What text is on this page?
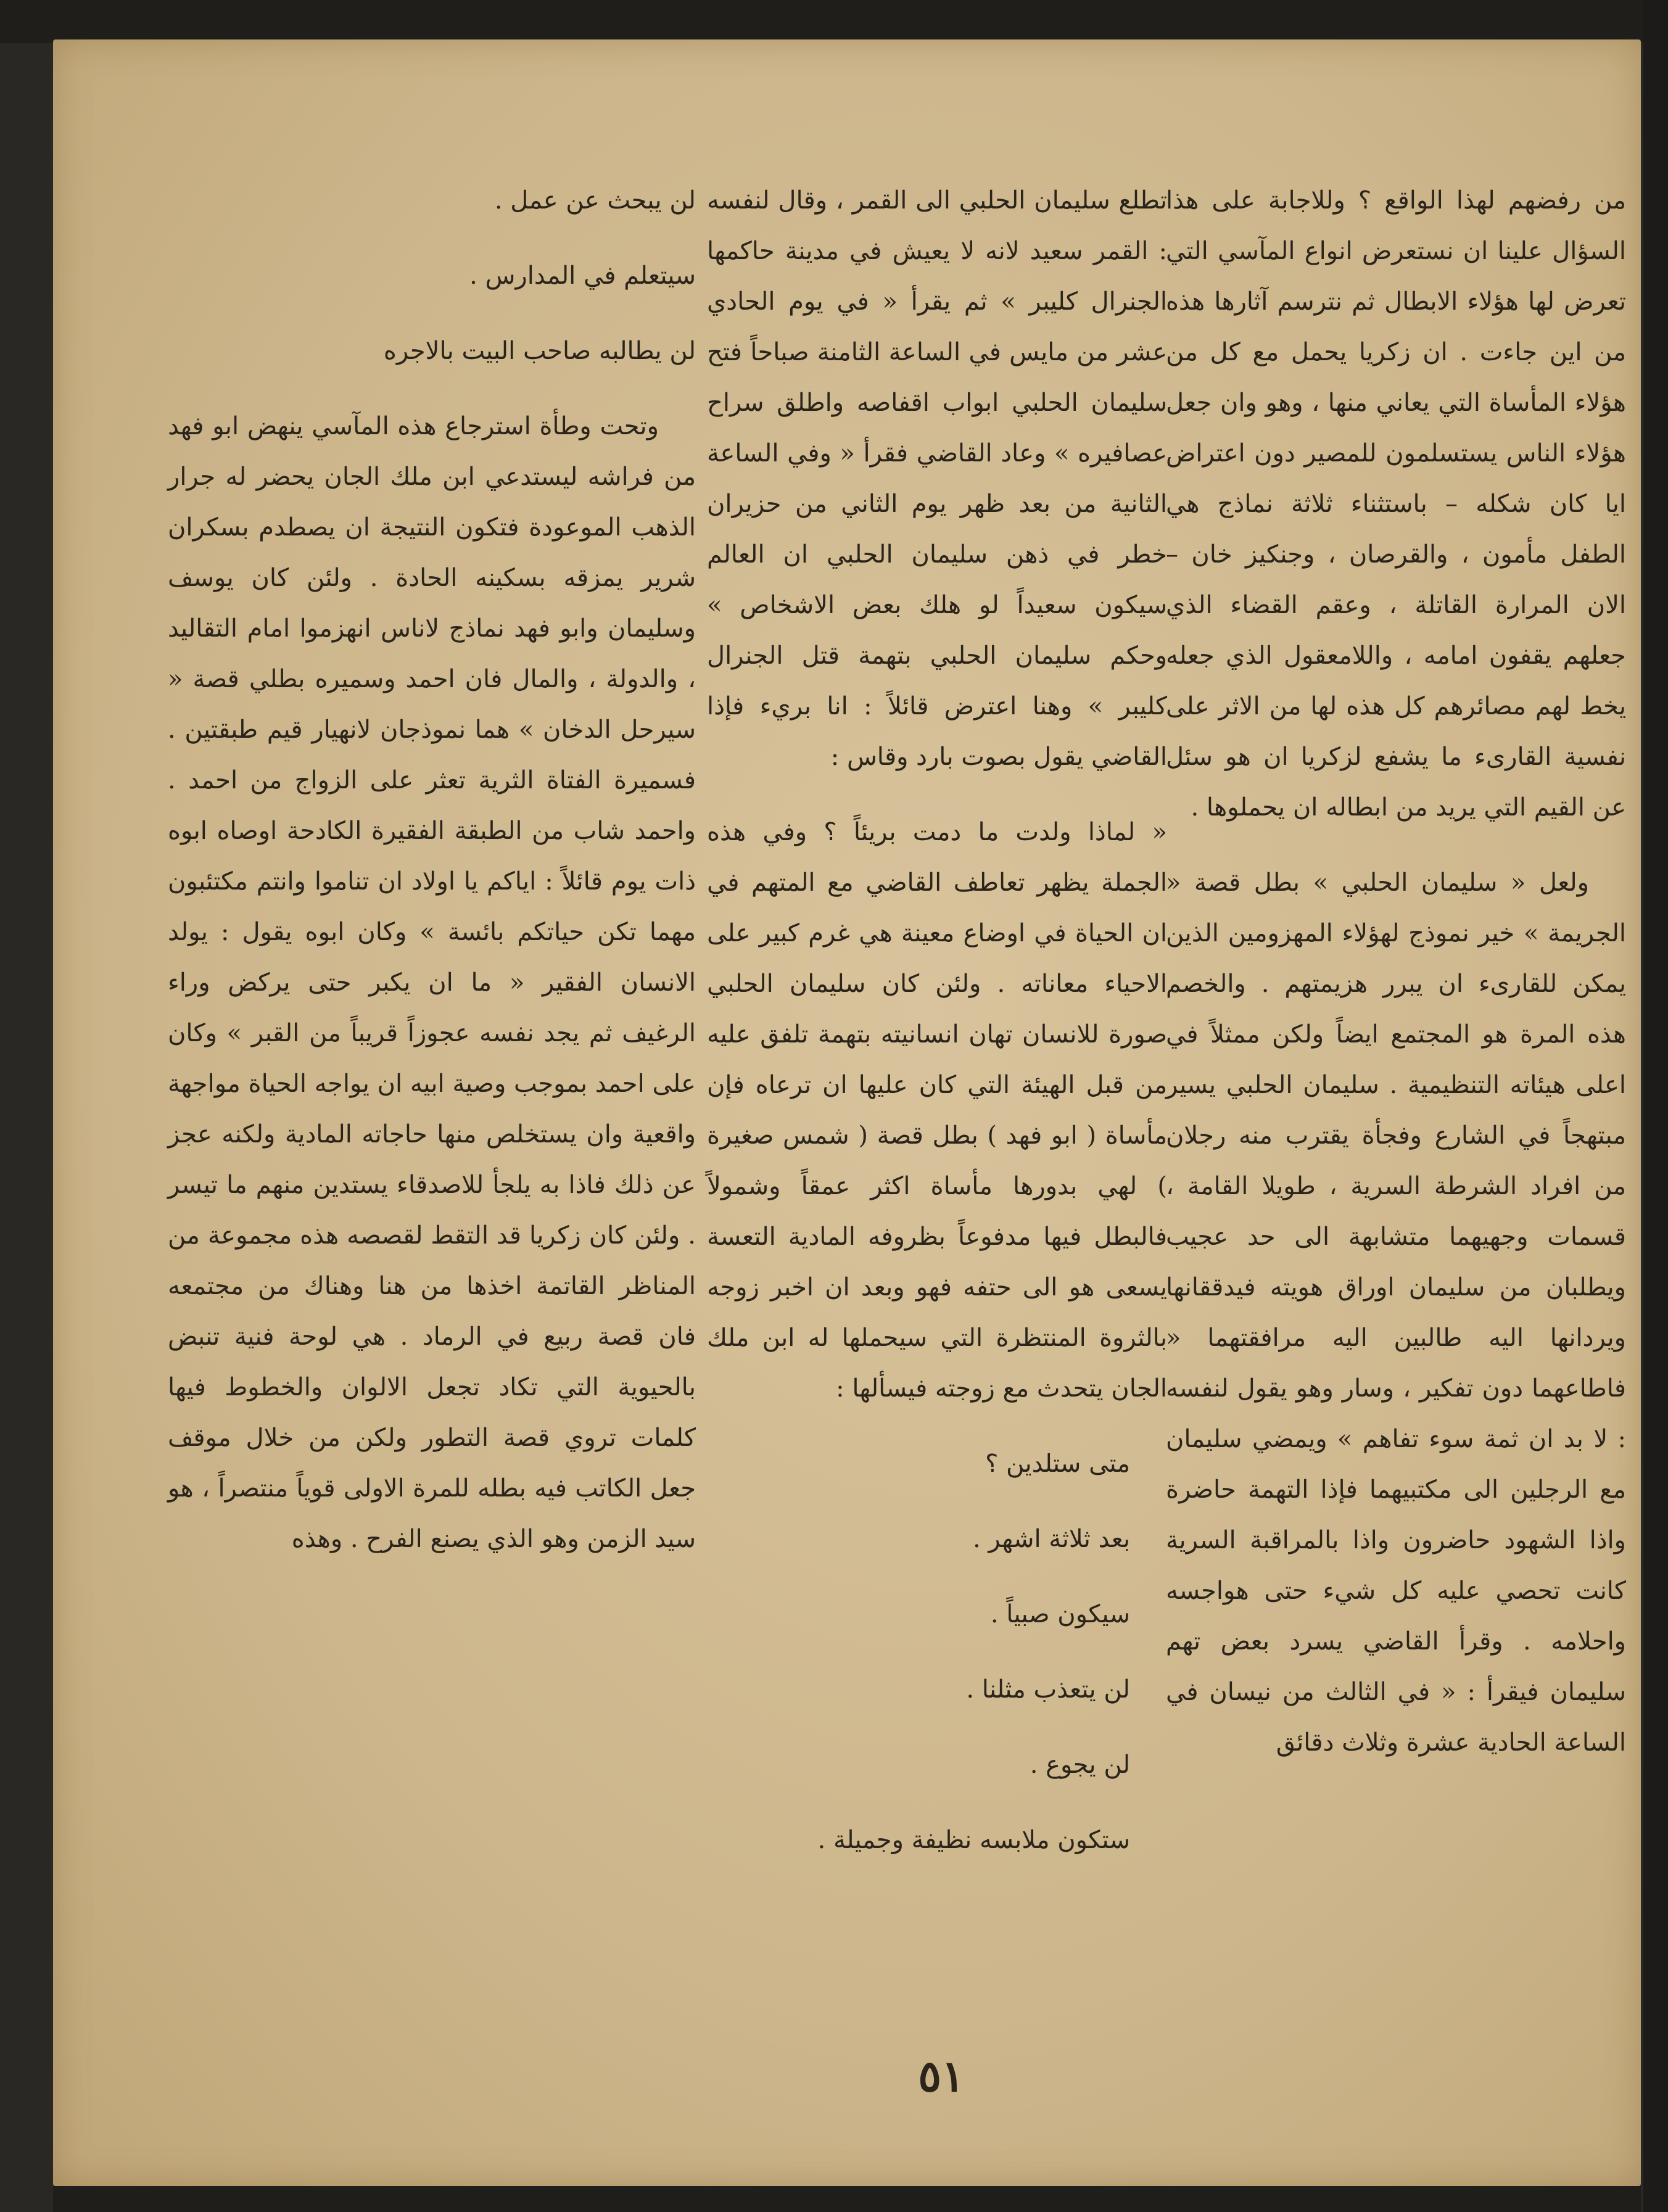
من رفضهم لهذا الواقع ؟ وللاجابة على هذا السؤال علينا ان نستعرض انواع المآسي التي تعرض لها هؤلاء الابطال ثم نترسم آثارها هذه من اين جاءت . ان زكريا يحمل مع كل من هؤلاء المأساة التي يعاني منها ، وهو وان جعل هؤلاء الناس يستسلمون للمصير دون اعتراض ايا كان شكله – باستثناء ثلاثة نماذج هي الطفل مأمون ، والقرصان ، وجنكيز خان – الان المرارة القاتلة ، وعقم القضاء الذي جعلهم يقفون امامه ، واللامعقول الذي جعله يخط لهم مصائرهم كل هذه لها من الاثر على نفسية القارىء ما يشفع لزكريا ان هو سئل عن القيم التي يريد من ابطاله ان يحملوها .

ولعل « سليمان الحلبي » بطل قصة « الجريمة » خير نموذج لهؤلاء المهزومين الذين يمكن للقارىء ان يبرر هزيمتهم . والخصم هذه المرة هو المجتمع ايضاً ولكن ممثلاً في اعلى هيئاته التنظيمية . سليمان الحلبي يسير مبتهجاً في الشارع وفجأة يقترب منه رجلان من افراد الشرطة السرية ، طويلا القامة ، قسمات وجهيهما متشابهة الى حد عجيب ويطلبان من سليمان اوراق هويته فيدققانها ويردانها اليه طالبين اليه مرافقتهما « فاطاعهما دون تفكير ، وسار وهو يقول لنفسه : لا بد ان ثمة سوء تفاهم » ويمضي سليمان مع الرجلين الى مكتبيهما فإذا التهمة حاضرة واذا الشهود حاضرون واذا بالمراقبة السرية كانت تحصي عليه كل شيء حتى هواجسه واحلامه . وقرأ القاضي يسرد بعض تهم سليمان فيقرأ : « في الثالث من نيسان في الساعة الحادية عشرة وثلاث دقائق

تطلع سليمان الحلبي الى القمر ، وقال لنفسه : القمر سعيد لانه لا يعيش في مدينة حاكمها الجنرال كليبر » ثم يقرأ « في يوم الحادي عشر من مايس في الساعة الثامنة صباحاً فتح سليمان الحلبي ابواب اقفاصه واطلق سراح عصافيره » وعاد القاضي فقرأ « وفي الساعة الثانية من بعد ظهر يوم الثاني من حزيران خطر في ذهن سليمان الحلبي ان العالم سيكون سعيداً لو هلك بعض الاشخاص » وحكم سليمان الحلبي بتهمة قتل الجنرال كليبر » وهنا اعترض قائلاً : انا بريء فإذا القاضي يقول بصوت بارد وقاس :

« لماذا ولدت ما دمت بريئاً ؟ وفي هذه الجملة يظهر تعاطف القاضي مع المتهم في ان الحياة في اوضاع معينة هي غرم كبير على الاحياء معاناته . ولئن كان سليمان الحلبي صورة للانسان تهان انسانيته بتهمة تلفق عليه من قبل الهيئة التي كان عليها ان ترعاه فإن مأساة ( ابو فهد ) بطل قصة ( شمس صغيرة ) لهي بدورها مأساة اكثر عمقاً وشمولاً فالبطل فيها مدفوعاً بظروفه المادية التعسة يسعى هو الى حتفه فهو وبعد ان اخبر زوجه بالثروة المنتظرة التي سيحملها له ابن ملك الجان يتحدث مع زوجته فيسألها :

متى ستلدين ؟

بعد ثلاثة اشهر .

سيكون صبياً .

لن يتعذب مثلنا .

لن يجوع .

ستكون ملابسه نظيفة وجميلة .

لن يبحث عن عمل .

سيتعلم في المدارس .

لن يطالبه صاحب البيت بالاجره

وتحت وطأة استرجاع هذه المآسي ينهض ابو فهد من فراشه ليستدعي ابن ملك الجان يحضر له جرار الذهب الموعودة فتكون النتيجة ان يصطدم بسكران شرير يمزقه بسكينه الحادة . ولئن كان يوسف وسليمان وابو فهد نماذج لاناس انهزموا امام التقاليد ، والدولة ، والمال فان احمد وسميره بطلي قصة « سيرحل الدخان » هما نموذجان لانهيار قيم طبقتين . فسميرة الفتاة الثرية تعثر على الزواج من احمد . واحمد شاب من الطبقة الفقيرة الكادحة اوصاه ابوه ذات يوم قائلاً : اياكم يا اولاد ان تناموا وانتم مكتئبون مهما تكن حياتكم بائسة » وكان ابوه يقول : يولد الانسان الفقير « ما ان يكبر حتى يركض وراء الرغيف ثم يجد نفسه عجوزاً قريباً من القبر » وكان على احمد بموجب وصية ابيه ان يواجه الحياة مواجهة واقعية وان يستخلص منها حاجاته المادية ولكنه عجز عن ذلك فاذا به يلجأ للاصدقاء يستدين منهم ما تيسر . ولئن كان زكريا قد التقط لقصصه هذه مجموعة من المناظر القاتمة اخذها من هنا وهناك من مجتمعه فان قصة ربيع في الرماد . هي لوحة فنية تنبض بالحيوية التي تكاد تجعل الالوان والخطوط فيها كلمات تروي قصة التطور ولكن من خلال موقف جعل الكاتب فيه بطله للمرة الاولى قوياً منتصراً ، هو سيد الزمن وهو الذي يصنع الفرح . وهذه

٥١
